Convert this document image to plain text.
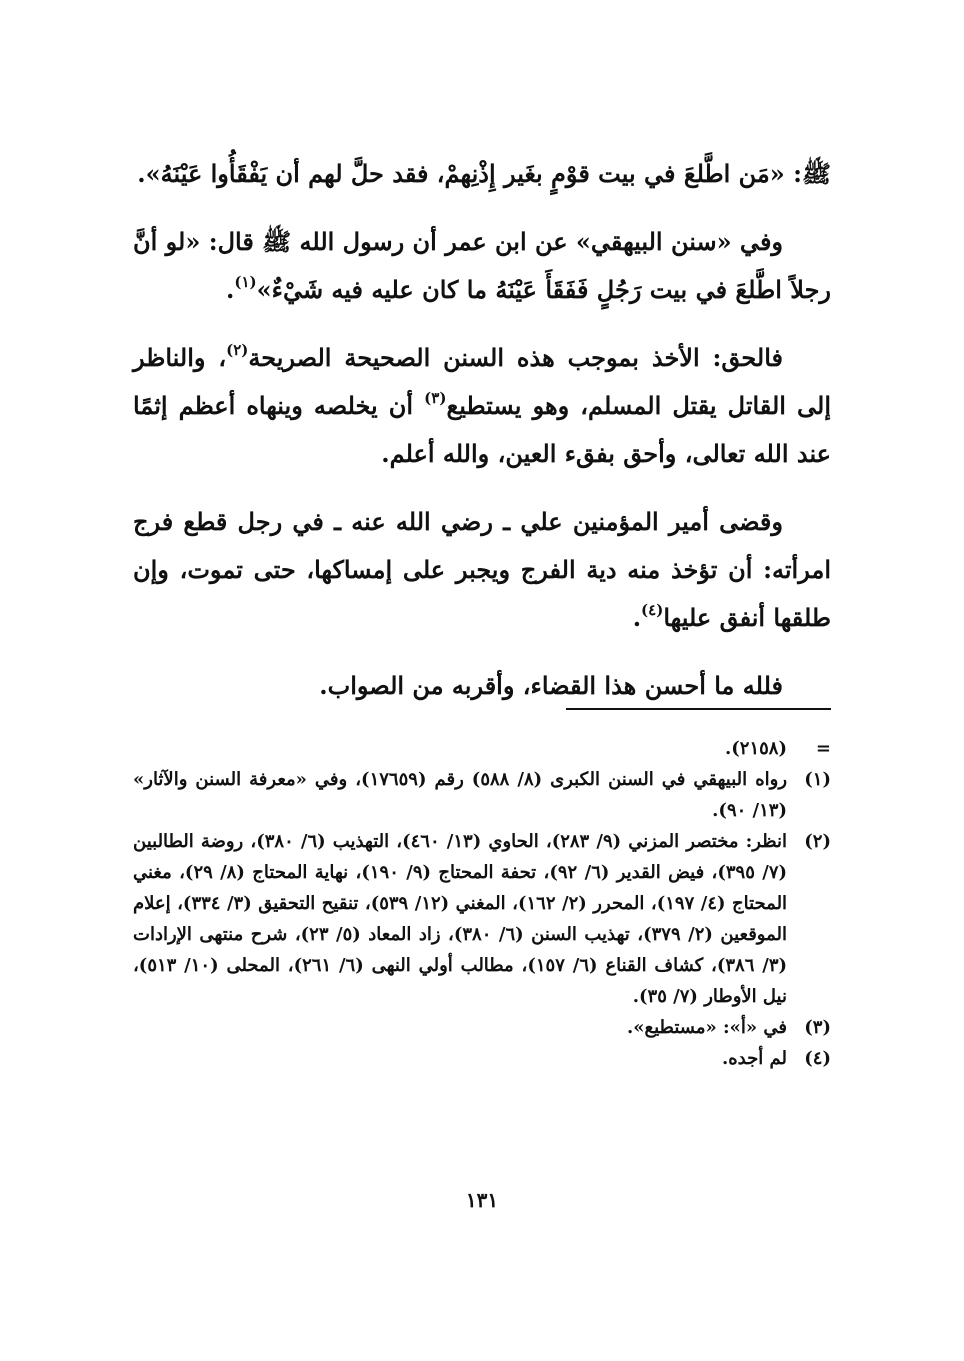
ﷺ: «مَن اطَّلعَ في بيت قوْمٍ بغَير إِذْنِهمْ، فقد حلَّ لهم أن يَفْقَأُوا عَيْنَهُ».

وفي «سنن البيهقي» عن ابن عمر أن رسول الله ﷺ قال: «لو أنَّ رجلاً اطَّلعَ في بيت رَجُلٍ فَفَقَأَ عَيْنَهُ ما كان عليه فيه شَيْءٌ»$^{(١)}$.

فالحق: الأخذ بموجب هذه السنن الصحيحة الصريحة$^{(٢)}$، والناظر إلى القاتل يقتل المسلم، وهو يستطيع$^{(٣)}$ أن يخلصه وينهاه أعظم إثمًا عند الله تعالى، وأحق بفقء العين، والله أعلم.

وقضى أمير المؤمنين علي ـ رضي الله عنه ـ في رجل قطع فرج امرأته: أن تؤخذ منه دية الفرج ويجبر على إمساكها، حتى تموت، وإن طلقها أنفق عليها$^{(٤)}$.

فلله ما أحسن هذا القضاء، وأقربه من الصواب.

=
(٢١٥٨).
(١)
رواه البيهقي في السنن الكبرى (٨/ ٥٨٨) رقم (١٧٦٥٩)، وفي «معرفة السنن والآثار» (١٣/ ٩٠).
(٢)
انظر: مختصر المزني (٩/ ٢٨٣)، الحاوي (١٣/ ٤٦٠)، التهذيب (٦/ ٣٨٠)، روضة الطالبين (٧/ ٣٩٥)، فيض القدير (٦/ ٩٢)، تحفة المحتاج (٩/ ١٩٠)، نهاية المحتاج (٨/ ٢٩)، مغني المحتاج (٤/ ١٩٧)، المحرر (٢/ ١٦٢)، المغني (١٢/ ٥٣٩)، تنقيح التحقيق (٣/ ٣٣٤)، إعلام الموقعين (٢/ ٣٧٩)، تهذيب السنن (٦/ ٣٨٠)، زاد المعاد (٥/ ٢٣)، شرح منتهى الإرادات (٣/ ٣٨٦)، كشاف القناع (٦/ ١٥٧)، مطالب أولي النهى (٦/ ٢٦١)، المحلى (١٠/ ٥١٣)، نيل الأوطار (٧/ ٣٥).
(٣)
في «أ»: «مستطيع».
(٤)
لم أجده.
١٣١
